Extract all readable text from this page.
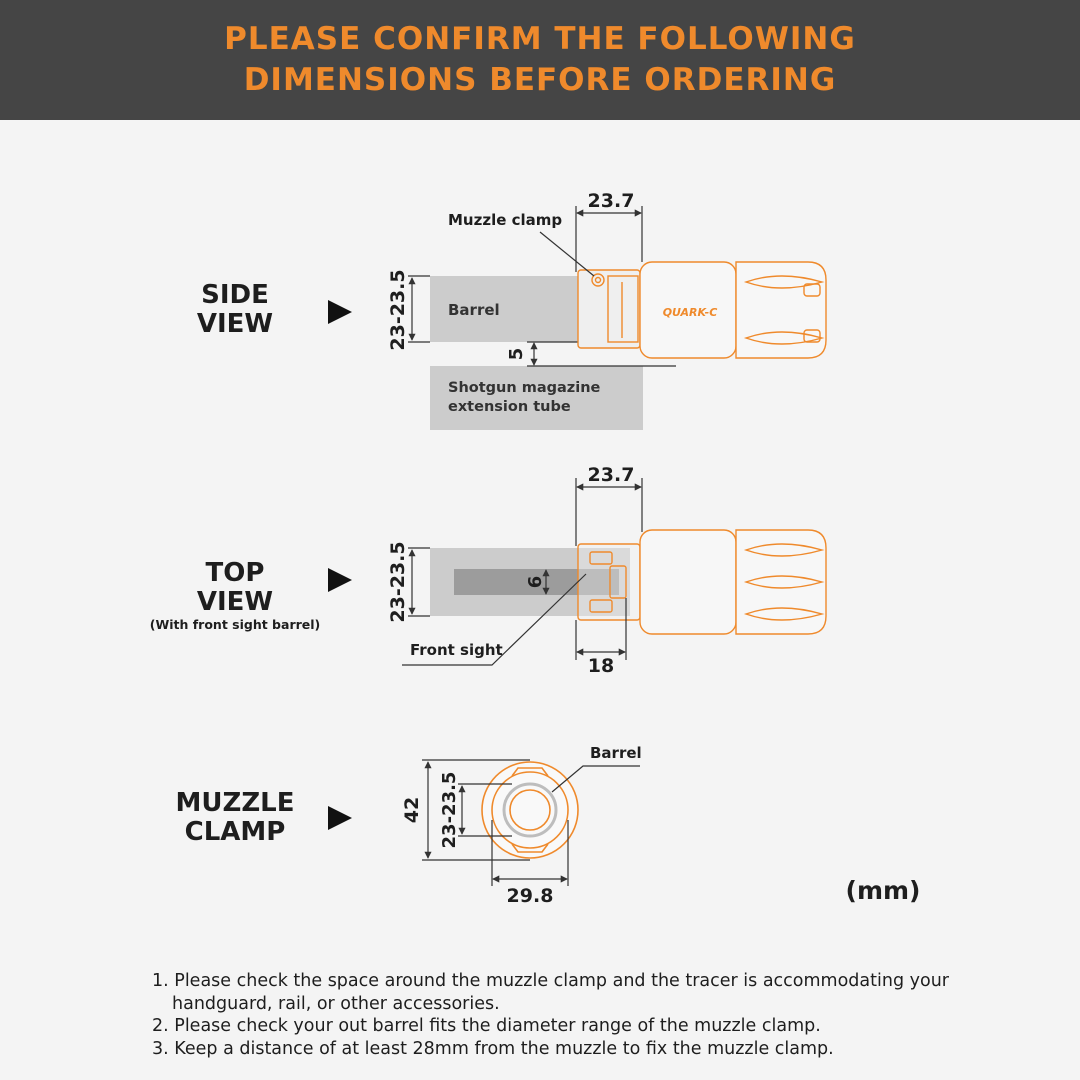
PLEASE CONFIRM THE FOLLOWING
DIMENSIONS BEFORE ORDERING
SIDE
VIEW	Barrel
Shotgun magazine
extension tube
23-23.5
5
QUARK-C
Muzzle clamp
23.7
TOP
VIEW
(With front sight barrel)
23-23.5	6
Front sight
23.7
18
MUZZLE
CLAMP
Barrel
42 23-23.5
29.8	(mm)

1. Please check the space around the muzzle clamp and the tracer is accommodating your handguard, rail, or other accessories.

2. Please check your out barrel fits the diameter range of the muzzle clamp.

3. Keep a distance of at least 28mm from the muzzle to fix the muzzle clamp.
